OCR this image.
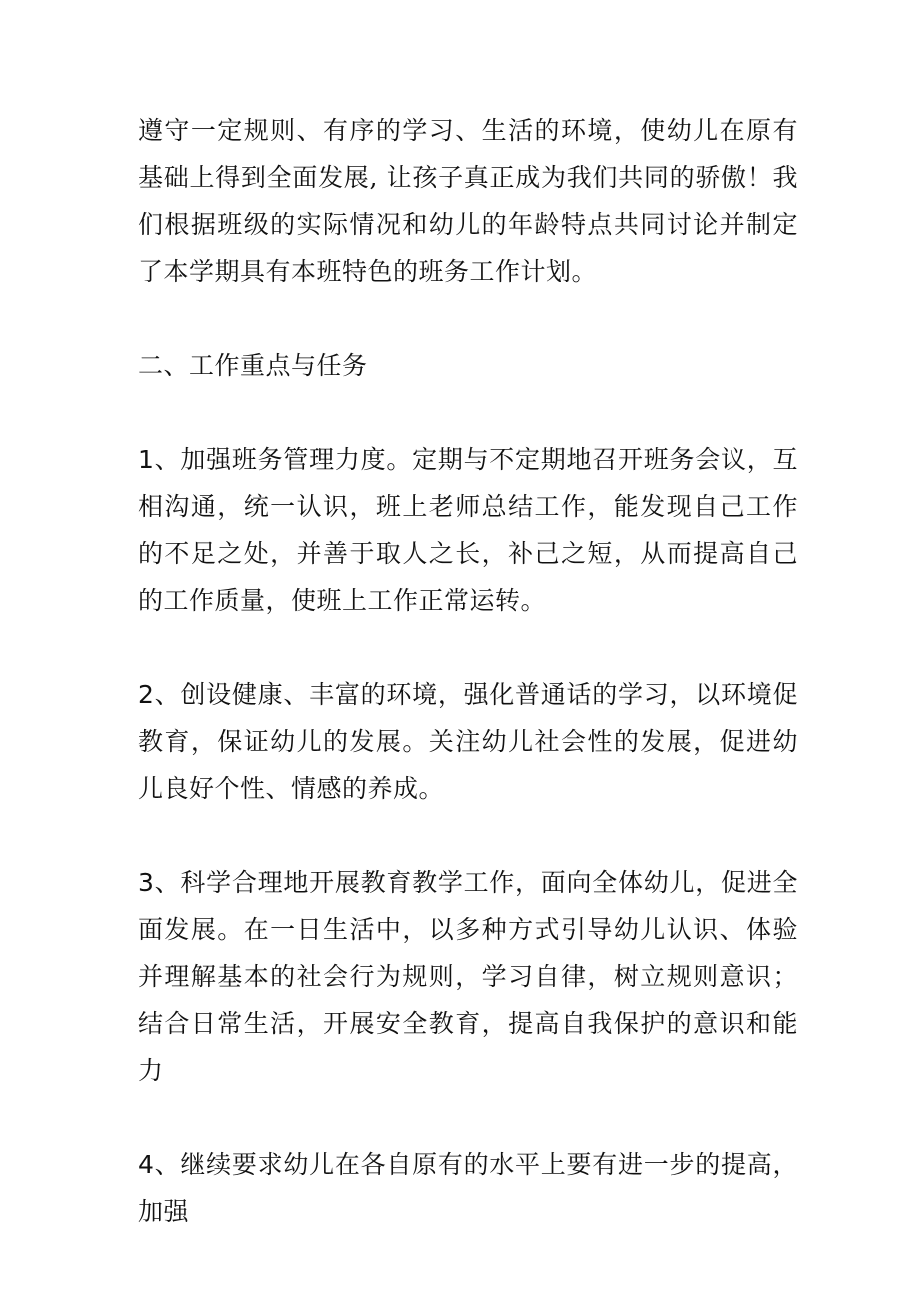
遵守一定规则、有序的学习、生活的环境，使幼儿在原有基础上得到全面发展, 让孩子真正成为我们共同的骄傲！我们根据班级的实际情况和幼儿的年龄特点共同讨论并制定了本学期具有本班特色的班务工作计划。

二、工作重点与任务

1、加强班务管理力度。定期与不定期地召开班务会议，互相沟通，统一认识，班上老师总结工作，能发现自己工作的不足之处，并善于取人之长，补己之短，从而提高自己的工作质量，使班上工作正常运转。

2、创设健康、丰富的环境，强化普通话的学习，以环境促教育，保证幼儿的发展。关注幼儿社会性的发展，促进幼儿良好个性、情感的养成。

3、科学合理地开展教育教学工作，面向全体幼儿，促进全面发展。在一日生活中，以多种方式引导幼儿认识、体验并理解基本的社会行为规则，学习自律，树立规则意识；结合日常生活，开展安全教育，提高自我保护的意识和能力

4、继续要求幼儿在各自原有的水平上要有进一步的提高，加强
